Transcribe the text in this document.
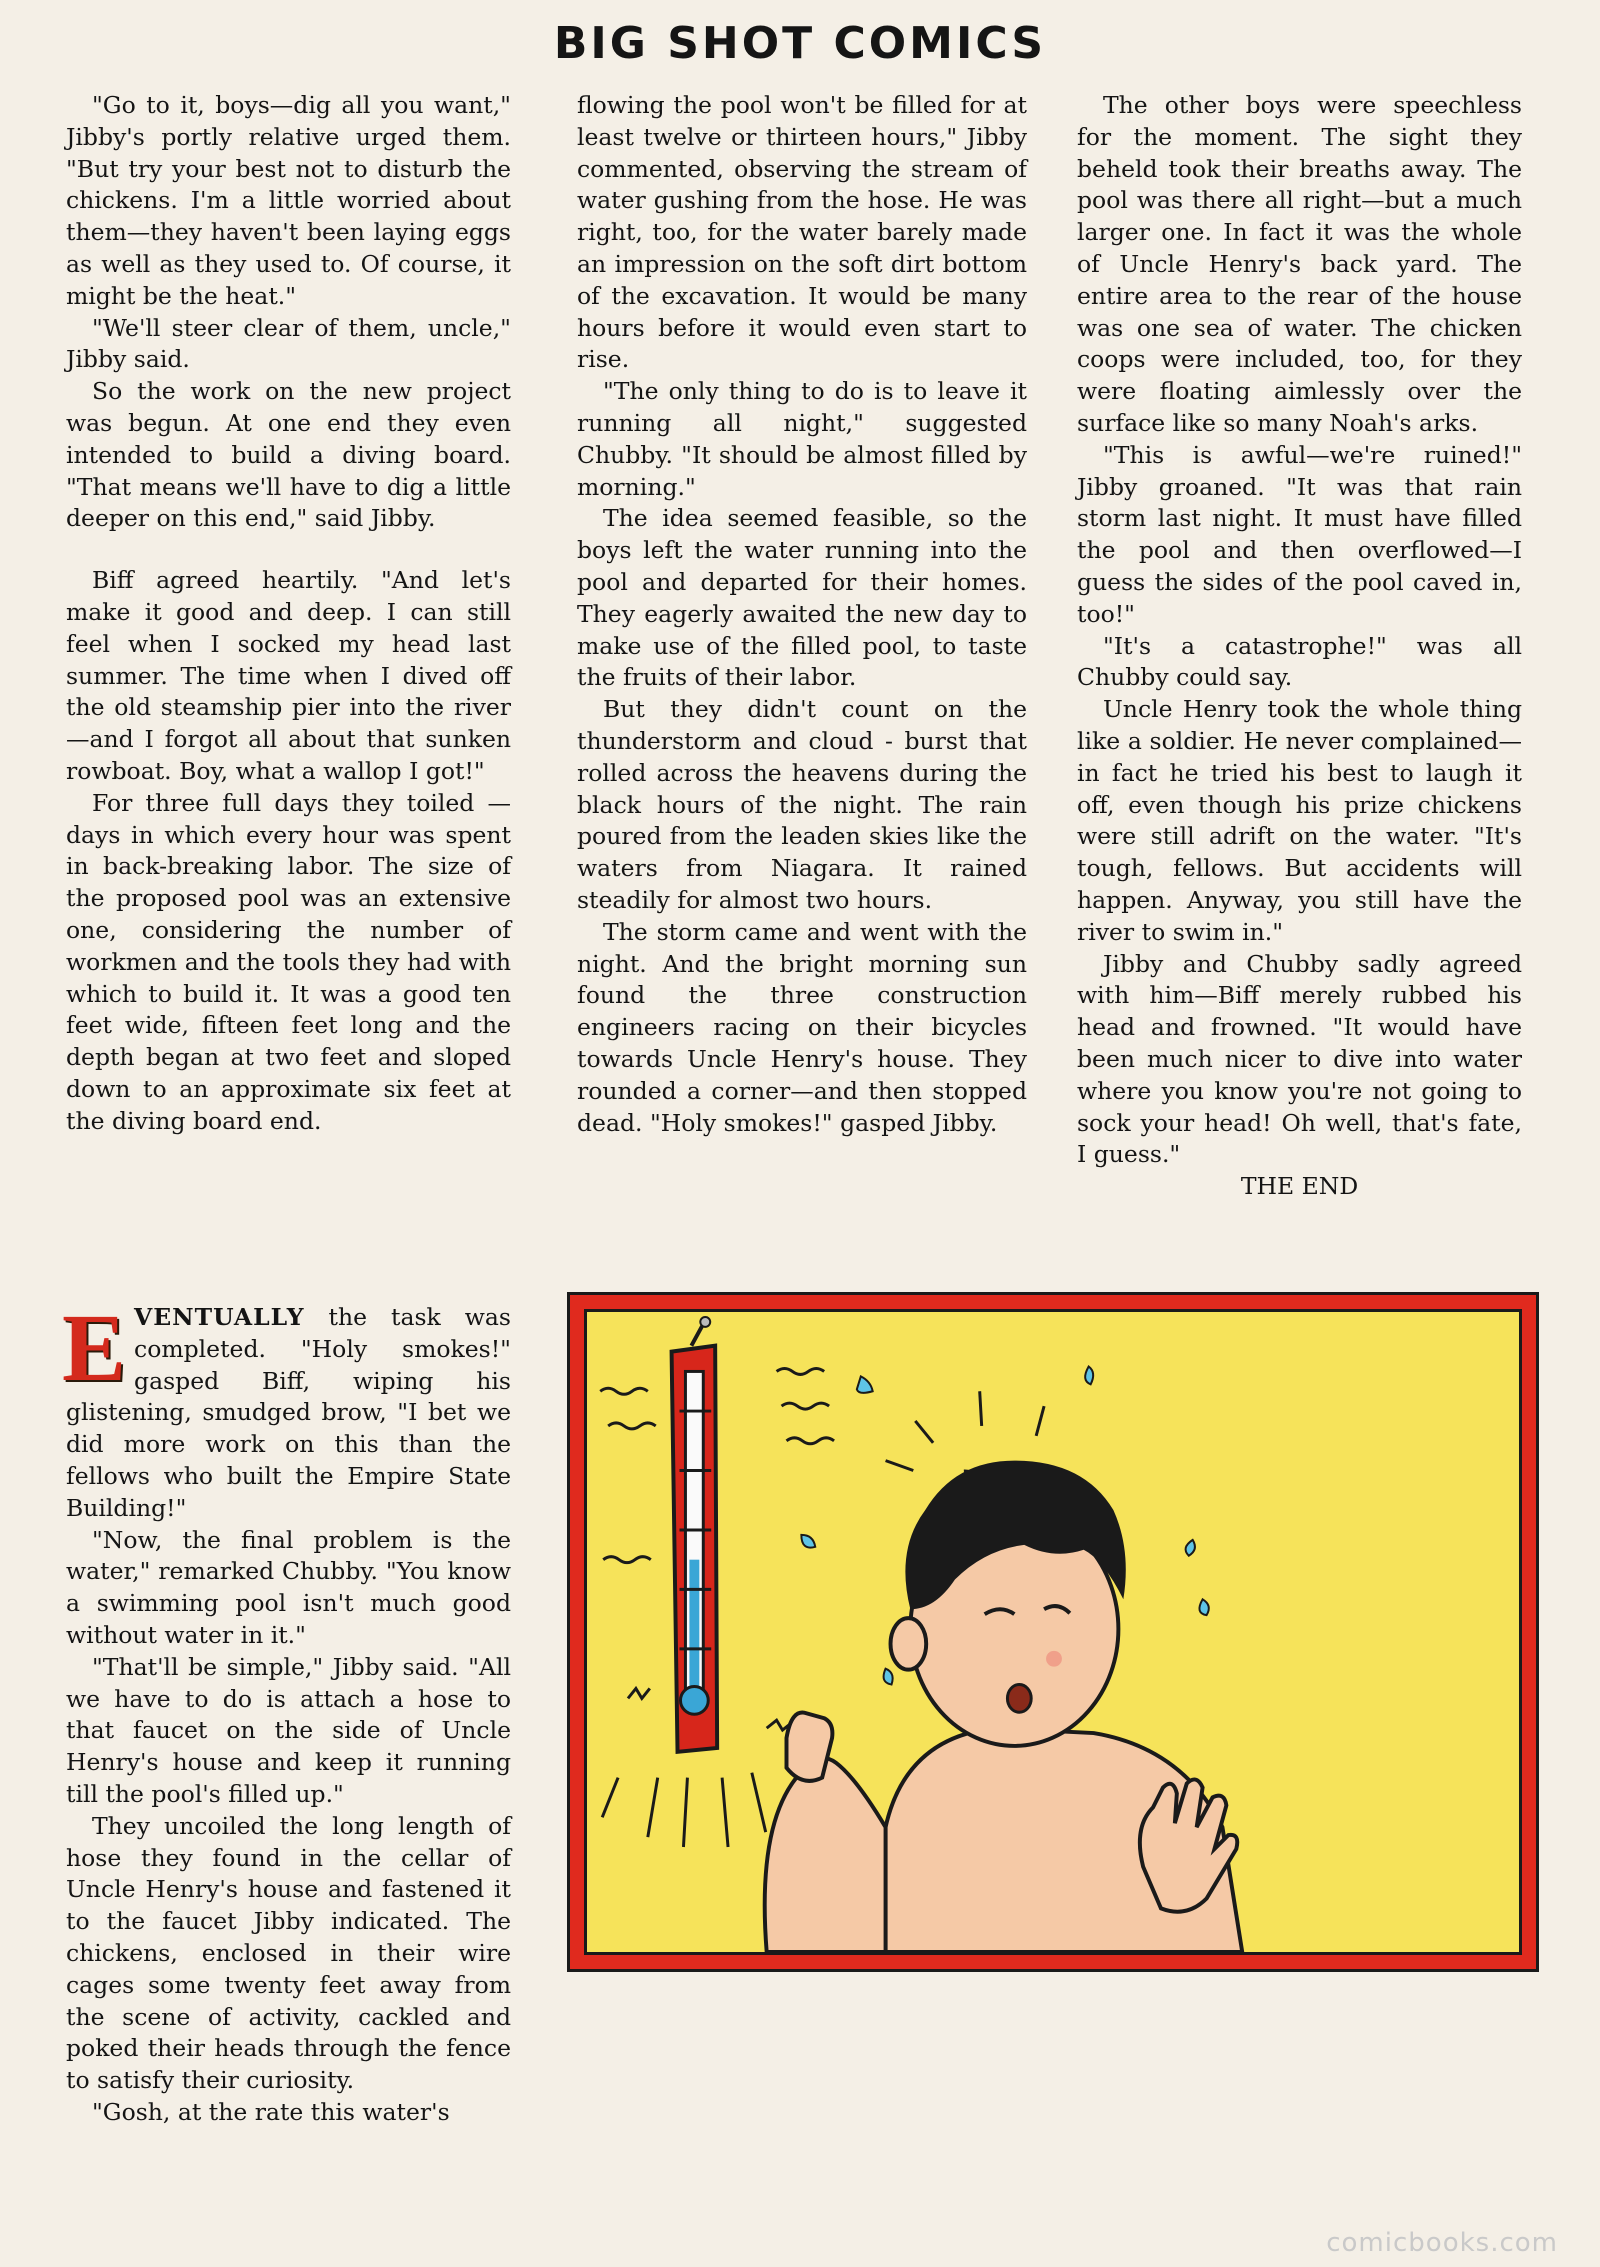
BIG SHOT COMICS

"Go to it, boys—dig all you want," Jibby's portly relative urged them. "But try your best not to disturb the chickens. I'm a little worried about them—they haven't been laying eggs as well as they used to. Of course, it might be the heat."

"We'll steer clear of them, uncle," Jibby said.

So the work on the new project was begun. At one end they even intended to build a diving board. "That means we'll have to dig a little deeper on this end," said Jibby.

Biff agreed heartily. "And let's make it good and deep. I can still feel when I socked my head last summer. The time when I dived off the old steamship pier into the river—and I forgot all about that sunken rowboat. Boy, what a wallop I got!"

For three full days they toiled —days in which every hour was spent in back-breaking labor. The size of the proposed pool was an extensive one, considering the number of workmen and the tools they had with which to build it. It was a good ten feet wide, fifteen feet long and the depth began at two feet and sloped down to an approximate six feet at the diving board end.

EVENTUALLY the task was completed. "Holy smokes!" gasped Biff, wiping his glistening, smudged brow, "I bet we did more work on this than the fellows who built the Empire State Building!"

"Now, the final problem is the water," remarked Chubby. "You know a swimming pool isn't much good without water in it."

"That'll be simple," Jibby said. "All we have to do is attach a hose to that faucet on the side of Uncle Henry's house and keep it running till the pool's filled up."

They uncoiled the long length of hose they found in the cellar of Uncle Henry's house and fastened it to the faucet Jibby indicated. The chickens, enclosed in their wire cages some twenty feet away from the scene of activity, cackled and poked their heads through the fence to satisfy their curiosity.

"Gosh, at the rate this water's

flowing the pool won't be filled for at least twelve or thirteen hours," Jibby commented, observing the stream of water gushing from the hose. He was right, too, for the water barely made an impression on the soft dirt bottom of the excavation. It would be many hours before it would even start to rise.

"The only thing to do is to leave it running all night," suggested Chubby. "It should be almost filled by morning."

The idea seemed feasible, so the boys left the water running into the pool and departed for their homes. They eagerly awaited the new day to make use of the filled pool, to taste the fruits of their labor.

But they didn't count on the thunderstorm and cloud - burst that rolled across the heavens during the black hours of the night. The rain poured from the leaden skies like the waters from Niagara. It rained steadily for almost two hours.

The storm came and went with the night. And the bright morning sun found the three construction engineers racing on their bicycles towards Uncle Henry's house. They rounded a corner—and then stopped dead. "Holy smokes!" gasped Jibby.

The other boys were speechless for the moment. The sight they beheld took their breaths away. The pool was there all right—but a much larger one. In fact it was the whole of Uncle Henry's back yard. The entire area to the rear of the house was one sea of water. The chicken coops were included, too, for they were floating aimlessly over the surface like so many Noah's arks.

"This is awful—we're ruined!" Jibby groaned. "It was that rain storm last night. It must have filled the pool and then overflowed—I guess the sides of the pool caved in, too!"

"It's a catastrophe!" was all Chubby could say.

Uncle Henry took the whole thing like a soldier. He never complained—in fact he tried his best to laugh it off, even though his prize chickens were still adrift on the water. "It's tough, fellows. But accidents will happen. Anyway, you still have the river to swim in."

Jibby and Chubby sadly agreed with him—Biff merely rubbed his head and frowned. "It would have been much nicer to dive into water where you know you're not going to sock your head! Oh well, that's fate, I guess."

THE END

comicbooks.com
